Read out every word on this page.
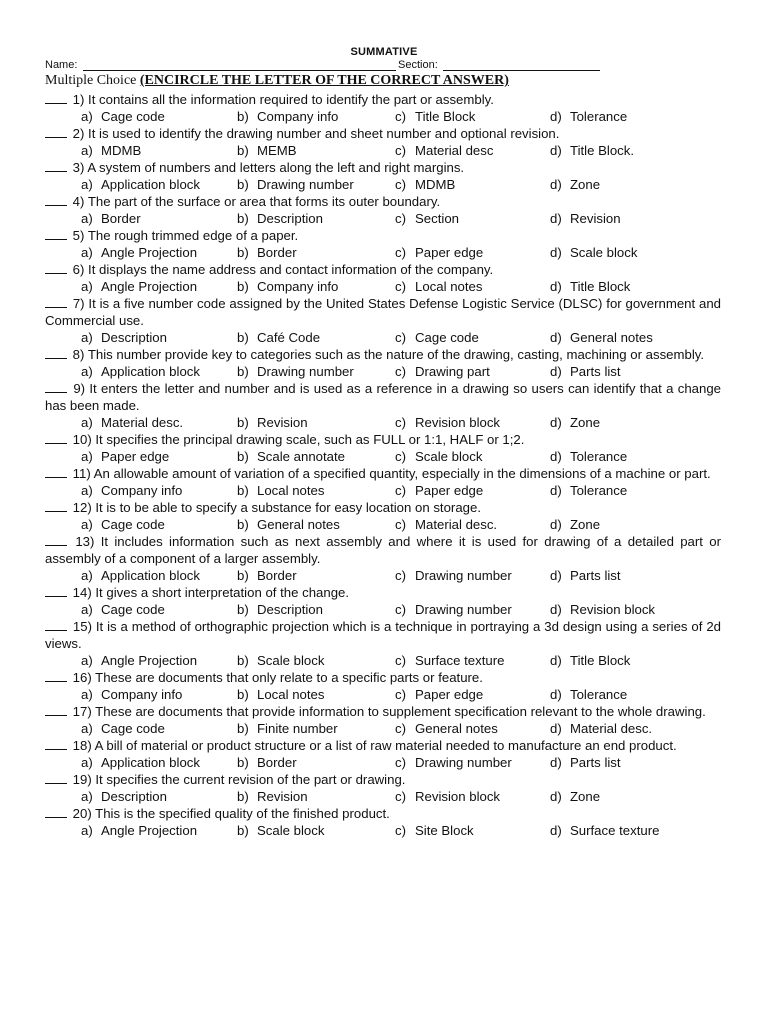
SUMMATIVE
Name:	Section:
Multiple Choice (ENCIRCLE THE LETTER OF THE CORRECT ANSWER)

1) It contains all the information required to identify the part or assembly.

a) Cage code	b) Company info	c) Title Block	d) Tolerance

2) It is used to identify the drawing number and sheet number and optional revision.

a) MDMB	b) MEMB	c) Material desc	d) Title Block.

3) A system of numbers and letters along the left and right margins.

a) Application block	b) Drawing number	c) MDMB	d) Zone

4) The part of the surface or area that forms its outer boundary.

a) Border	b) Description	c) Section	d) Revision

5) The rough trimmed edge of a paper.

a) Angle Projection	b) Border	c) Paper edge	d) Scale block

6) It displays the name address and contact information of the company.

a) Angle Projection	b) Company info	c) Local notes	d) Title Block

7) It is a five number code assigned by the United States Defense Logistic Service (DLSC) for government and Commercial use.

a) Description	b) Café Code	c) Cage code	d) General notes

8) This number provide key to categories such as the nature of the drawing, casting, machining or assembly.

a) Application block	b) Drawing number	c) Drawing part	d) Parts list

9) It enters the letter and number and is used as a reference in a drawing so users can identify that a change has been made.

a) Material desc.	b) Revision	c) Revision block	d) Zone

10) It specifies the principal drawing scale, such as FULL or 1:1, HALF or 1;2.

a) Paper edge	b) Scale annotate	c) Scale block	d) Tolerance

11) An allowable amount of variation of a specified quantity, especially in the dimensions of a machine or part.

a) Company info	b) Local notes	c) Paper edge	d) Tolerance

12) It is to be able to specify a substance for easy location on storage.

a) Cage code	b) General notes	c) Material desc.	d) Zone

13) It includes information such as next assembly and where it is used for drawing of a detailed part or assembly of a component of a larger assembly.

a) Application block	b) Border	c) Drawing number	d) Parts list

14) It gives a short interpretation of the change.

a) Cage code	b) Description	c) Drawing number	d) Revision block

15) It is a method of orthographic projection which is a technique in portraying a 3d design using a series of 2d views.

a) Angle Projection	b) Scale block	c) Surface texture	d) Title Block

16) These are documents that only relate to a specific parts or feature.

a) Company info	b) Local notes	c) Paper edge	d) Tolerance

17) These are documents that provide information to supplement specification relevant to the whole drawing.

a) Cage code	b) Finite number	c) General notes	d) Material desc.

18) A bill of material or product structure or a list of raw material needed to manufacture an end product.

a) Application block	b) Border	c) Drawing number	d) Parts list

19) It specifies the current revision of the part or drawing.

a) Description	b) Revision	c) Revision block	d) Zone

20) This is the specified quality of the finished product.

a) Angle Projection	b) Scale block	c) Site Block	d) Surface texture
